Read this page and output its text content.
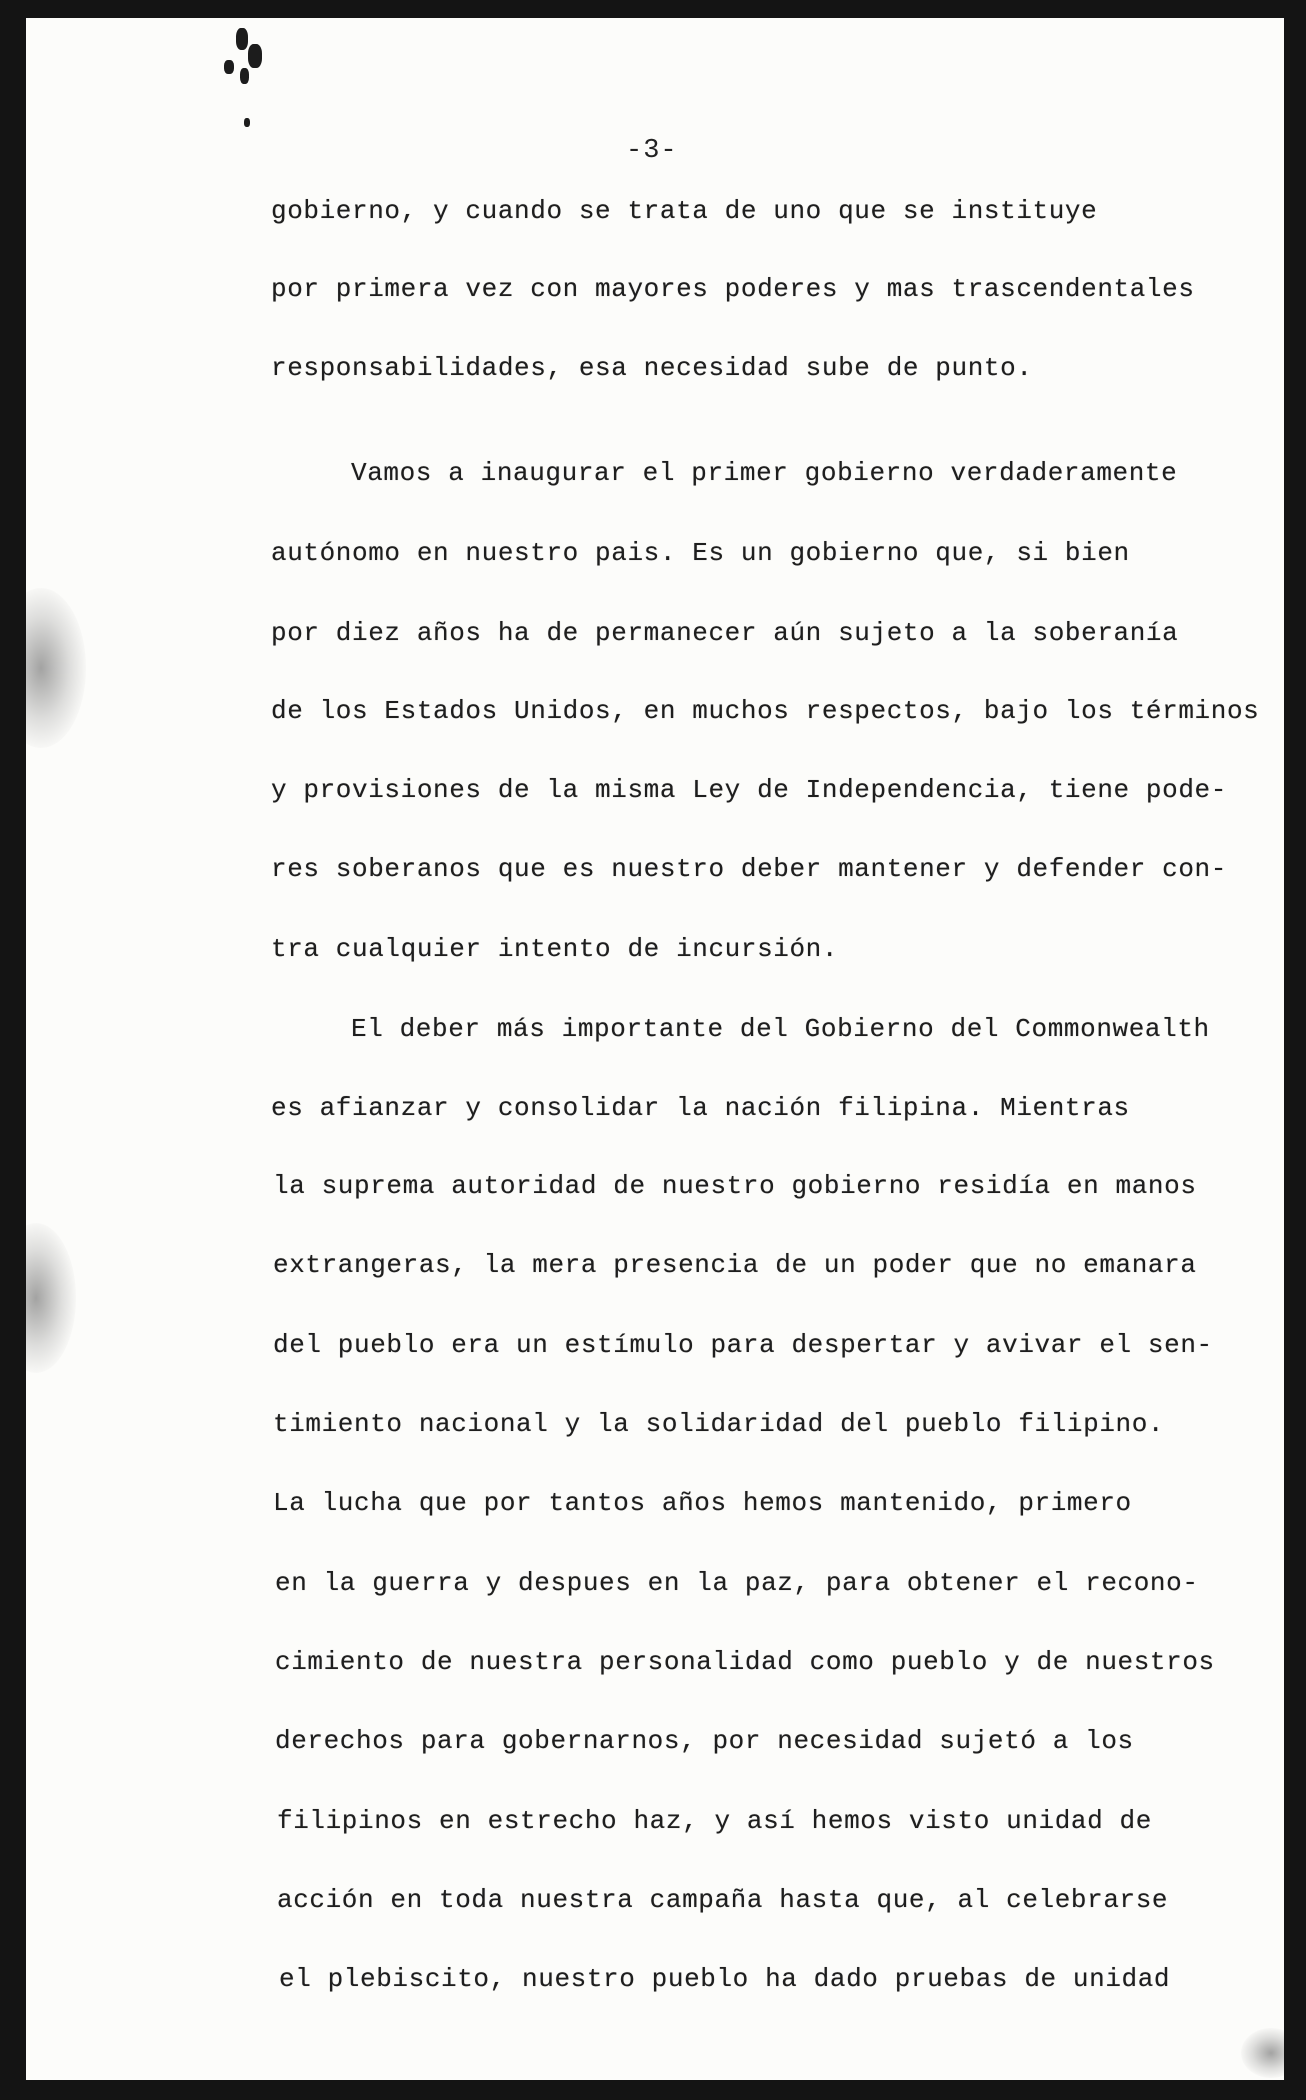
-3-
gobierno, y cuando se trata de uno que se instituye
por primera vez con mayores poderes y mas trascendentales
responsabilidades, esa necesidad sube de punto.
Vamos a inaugurar el primer gobierno verdaderamente
autónomo en nuestro pais. Es un gobierno que, si bien
por diez años ha de permanecer aún sujeto a la soberanía
de los Estados Unidos, en muchos respectos, bajo los términos
y provisiones de la misma Ley de Independencia, tiene pode-
res soberanos que es nuestro deber mantener y defender con-
tra cualquier intento de incursión.
El deber más importante del Gobierno del Commonwealth
es afianzar y consolidar la nación filipina. Mientras
la suprema autoridad de nuestro gobierno residía en manos
extrangeras, la mera presencia de un poder que no emanara
del pueblo era un estímulo para despertar y avivar el sen-
timiento nacional y la solidaridad del pueblo filipino.
La lucha que por tantos años hemos mantenido, primero
en la guerra y despues en la paz, para obtener el recono-
cimiento de nuestra personalidad como pueblo y de nuestros
derechos para gobernarnos, por necesidad sujetó a los
filipinos en estrecho haz, y así hemos visto unidad de
acción en toda nuestra campaña hasta que, al celebrarse
el plebiscito, nuestro pueblo ha dado pruebas de unidad
